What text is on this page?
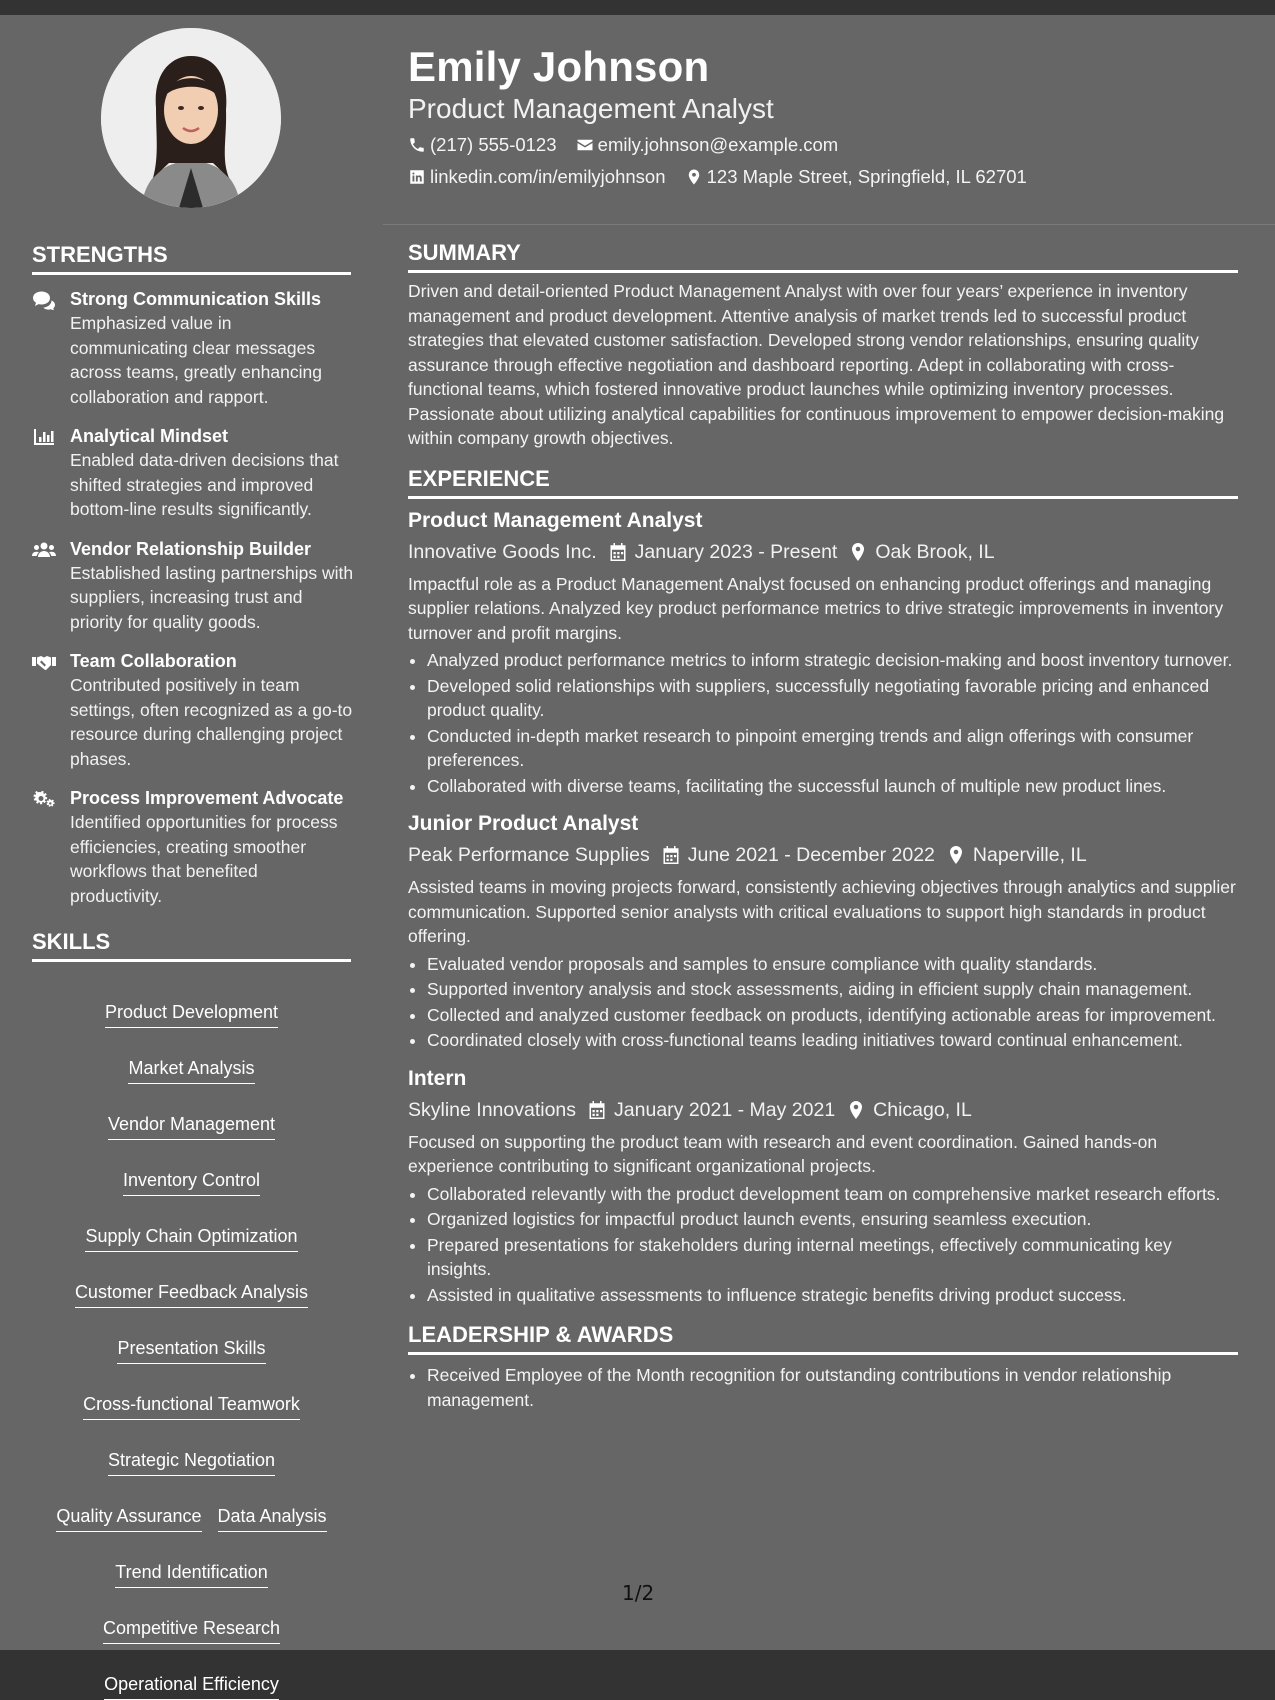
Emily Johnson
Product Management Analyst
(217) 555-0123
emily.johnson@example.com
linkedin.com/in/emilyjohnson
123 Maple Street, Springfield, IL 62701
STRENGTHS
Strong Communication Skills
Emphasized value in communicating clear messages across teams, greatly enhancing collaboration and rapport.
Analytical Mindset
Enabled data-driven decisions that shifted strategies and improved bottom-line results significantly.
Vendor Relationship Builder
Established lasting partnerships with suppliers, increasing trust and priority for quality goods.
Team Collaboration
Contributed positively in team settings, often recognized as a go-to resource during challenging project phases.
Process Improvement Advocate
Identified opportunities for process efficiencies, creating smoother workflows that benefited productivity.
SKILLS
Product Development
Market Analysis
Vendor Management
Inventory Control
Supply Chain Optimization
Customer Feedback Analysis
Presentation Skills
Cross-functional Teamwork
Strategic Negotiation
Quality Assurance Data Analysis
Trend Identification
Competitive Research
Operational Efficiency
SUMMARY

Driven and detail-oriented Product Management Analyst with over four years’ experience in inventory management and product development. Attentive analysis of market trends led to successful product strategies that elevated customer satisfaction. Developed strong vendor relationships, ensuring quality assurance through effective negotiation and dashboard reporting. Adept in collaborating with cross-functional teams, which fostered innovative product launches while optimizing inventory processes. Passionate about utilizing analytical capabilities for continuous improvement to empower decision-making within company growth objectives.

EXPERIENCE
Product Management Analyst
Innovative Goods Inc. January 2023 - Present Oak Brook, IL

Impactful role as a Product Management Analyst focused on enhancing product offerings and managing supplier relations. Analyzed key product performance metrics to drive strategic improvements in inventory turnover and profit margins.

• Analyzed product performance metrics to inform strategic decision-making and boost inventory turnover.
• Developed solid relationships with suppliers, successfully negotiating favorable pricing and enhanced product quality.
• Conducted in-depth market research to pinpoint emerging trends and align offerings with consumer preferences.
• Collaborated with diverse teams, facilitating the successful launch of multiple new product lines.
Junior Product Analyst
Peak Performance Supplies June 2021 - December 2022 Naperville, IL

Assisted teams in moving projects forward, consistently achieving objectives through analytics and supplier communication. Supported senior analysts with critical evaluations to support high standards in product offering.

• Evaluated vendor proposals and samples to ensure compliance with quality standards.
• Supported inventory analysis and stock assessments, aiding in efficient supply chain management.
• Collected and analyzed customer feedback on products, identifying actionable areas for improvement.
• Coordinated closely with cross-functional teams leading initiatives toward continual enhancement.
Intern
Skyline Innovations January 2021 - May 2021 Chicago, IL

Focused on supporting the product team with research and event coordination. Gained hands-on experience contributing to significant organizational projects.

• Collaborated relevantly with the product development team on comprehensive market research efforts.
• Organized logistics for impactful product launch events, ensuring seamless execution.
• Prepared presentations for stakeholders during internal meetings, effectively communicating key insights.
• Assisted in qualitative assessments to influence strategic benefits driving product success.
LEADERSHIP & AWARDS
• Received Employee of the Month recognition for outstanding contributions in vendor relationship management.
1/2
